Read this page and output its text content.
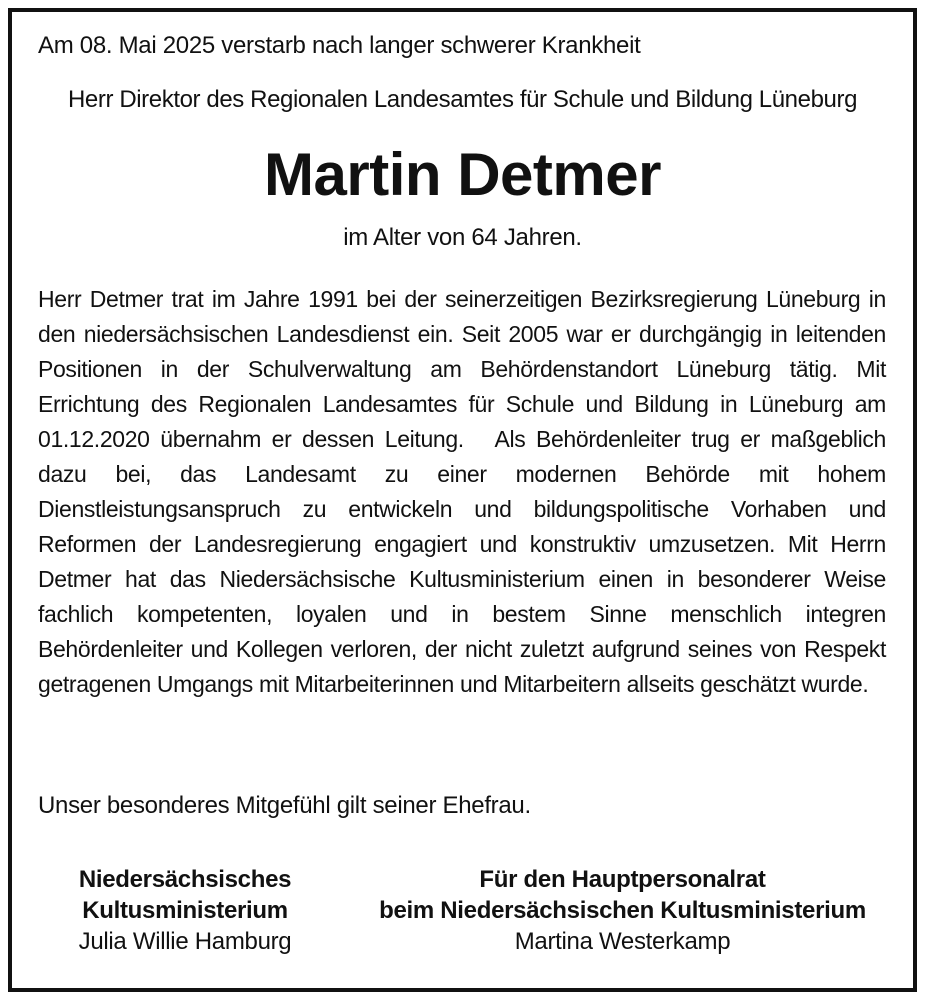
Am 08. Mai 2025 verstarb nach langer schwerer Krankheit
Herr Direktor des Regionalen Landesamtes für Schule und Bildung Lüneburg
Martin Detmer
im Alter von 64 Jahren.
Herr Detmer trat im Jahre 1991 bei der seinerzeitigen Bezirksregierung Lüneburg in den niedersächsischen Landesdienst ein. Seit 2005 war er durchgängig in leitenden Positionen in der Schulverwaltung am Behördenstandort Lüneburg tätig. Mit Errichtung des Regionalen Landesamtes für Schule und Bildung in Lüneburg am 01.12.2020 übernahm er dessen Leitung.   Als Behördenleiter trug er maßgeblich dazu bei, das Landesamt zu einer modernen Behörde mit hohem Dienstleistungsanspruch zu entwickeln und bildungspolitische Vorhaben und Reformen der Landesregierung engagiert und konstruktiv umzusetzen. Mit Herrn Detmer hat das Niedersächsische Kultusministerium einen in besonderer Weise fachlich kompetenten, loyalen und in bestem Sinne menschlich integren Behördenleiter und Kollegen verloren, der nicht zuletzt aufgrund seines von Respekt getragenen Umgangs mit Mitarbeiterinnen und Mitarbeitern allseits geschätzt wurde.
Unser besonderes Mitgefühl gilt seiner Ehefrau.
Niedersächsisches
Kultusministerium
Julia Willie Hamburg
Für den Hauptpersonalrat
beim Niedersächsischen Kultusministerium
Martina Westerkamp
